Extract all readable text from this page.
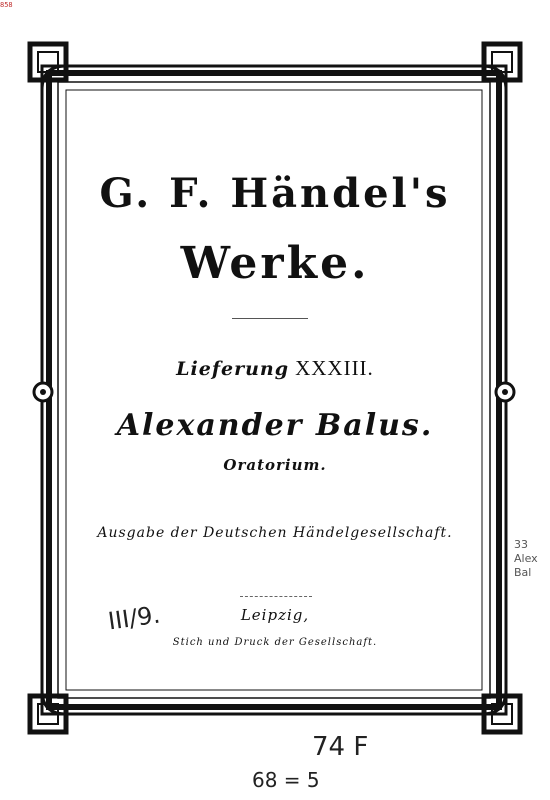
858
G. F. Händel's
Werke.
Lieferung XXXIII.
Alexander Balus.
Oratorium.
Ausgabe der Deutschen Händelgesellschaft.
Leipzig,
Stich und Druck der Gesellschaft.
III/9.
74 F
68 = 5
33 Alex Bal
